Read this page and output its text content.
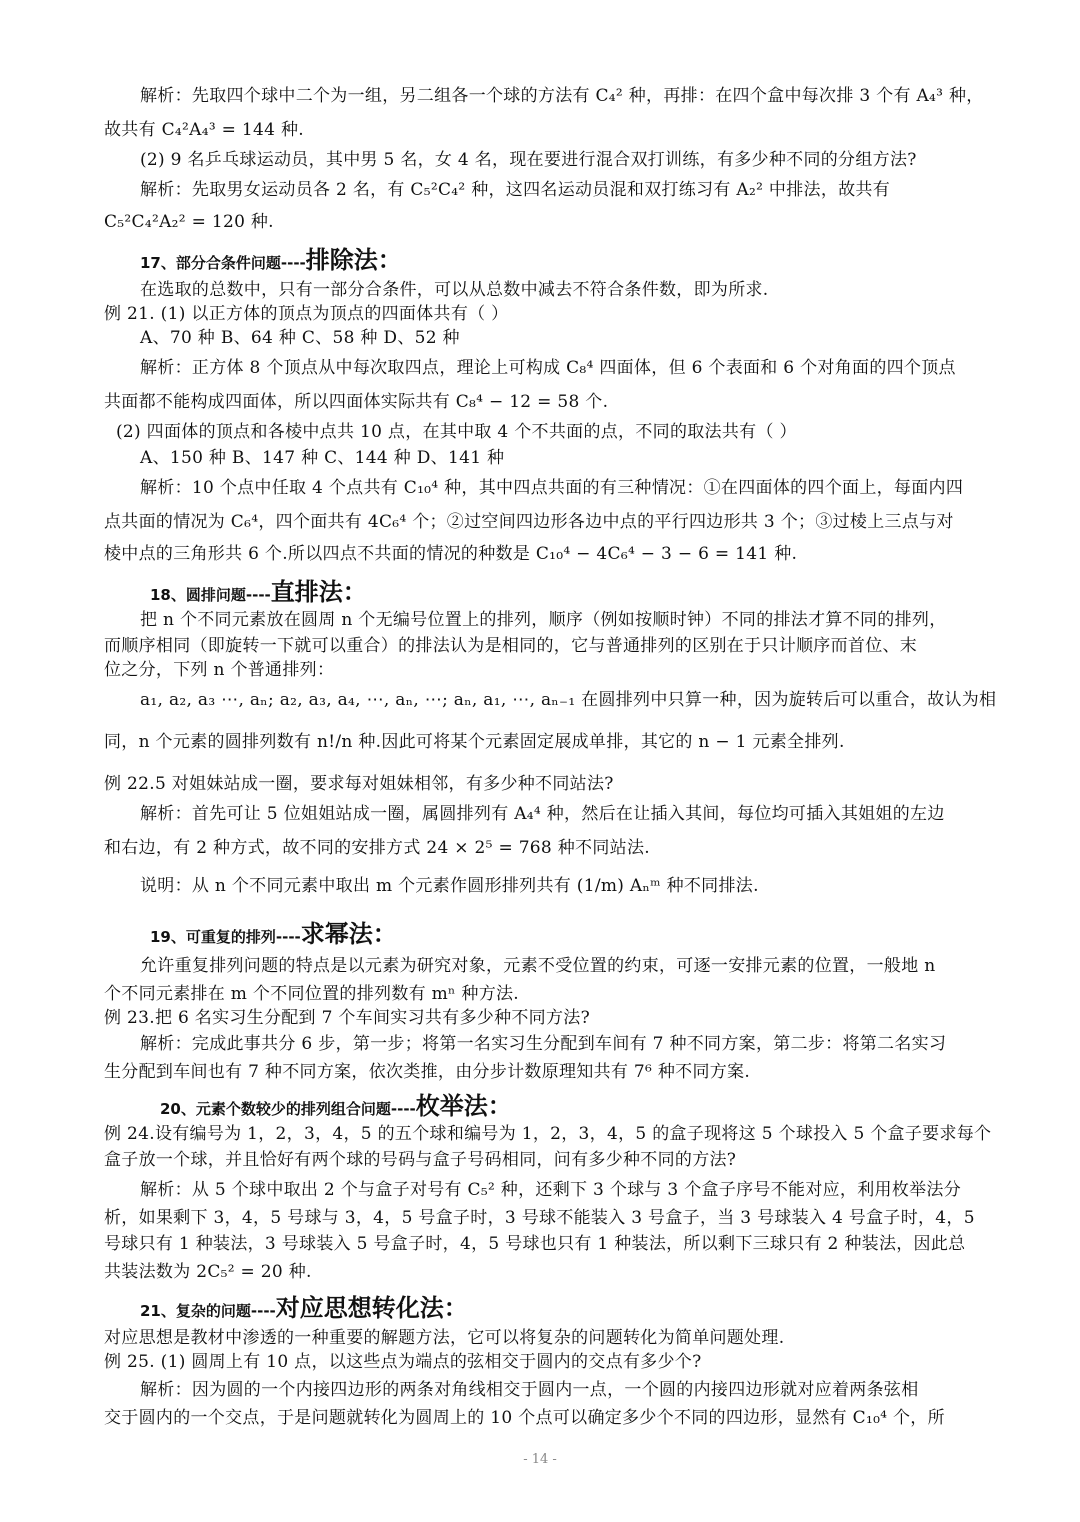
解析：先取四个球中二个为一组，另二组各一个球的方法有 C₄² 种，再排：在四个盒中每次排 3 个有 A₄³ 种，
故共有 C₄²A₄³ = 144 种.
(2) 9 名乒乓球运动员，其中男 5 名，女 4 名，现在要进行混合双打训练，有多少种不同的分组方法?
解析：先取男女运动员各 2 名，有 C₅²C₄² 种，这四名运动员混和双打练习有 A₂² 中排法，故共有
C₅²C₄²A₂² = 120 种.
17、部分合条件问题----排除法：
在选取的总数中，只有一部分合条件，可以从总数中减去不符合条件数，即为所求.
例 21. (1) 以正方体的顶点为顶点的四面体共有（ ）
A、70 种 B、64 种 C、58 种 D、52 种
解析：正方体 8 个顶点从中每次取四点，理论上可构成 C₈⁴ 四面体，但 6 个表面和 6 个对角面的四个顶点
共面都不能构成四面体，所以四面体实际共有 C₈⁴ − 12 = 58 个.
(2) 四面体的顶点和各棱中点共 10 点，在其中取 4 个不共面的点，不同的取法共有（ ）
A、150 种 B、147 种 C、144 种 D、141 种
解析：10 个点中任取 4 个点共有 C₁₀⁴ 种，其中四点共面的有三种情况：①在四面体的四个面上，每面内四
点共面的情况为 C₆⁴，四个面共有 4C₆⁴ 个；②过空间四边形各边中点的平行四边形共 3 个；③过棱上三点与对
棱中点的三角形共 6 个.所以四点不共面的情况的种数是 C₁₀⁴ − 4C₆⁴ − 3 − 6 = 141 种.
18、圆排问题----直排法：
把 n 个不同元素放在圆周 n 个无编号位置上的排列，顺序（例如按顺时钟）不同的排法才算不同的排列，
而顺序相同（即旋转一下就可以重合）的排法认为是相同的，它与普通排列的区别在于只计顺序而首位、末
位之分，下列 n 个普通排列：
a₁, a₂, a₃ ⋯, aₙ; a₂, a₃, a₄, ⋯, aₙ, ⋯; aₙ, a₁, ⋯, aₙ₋₁ 在圆排列中只算一种，因为旋转后可以重合，故认为相
同，n 个元素的圆排列数有 n!/n 种.因此可将某个元素固定展成单排，其它的 n − 1 元素全排列.
例 22.5 对姐妹站成一圈，要求每对姐妹相邻，有多少种不同站法?
解析：首先可让 5 位姐姐站成一圈，属圆排列有 A₄⁴ 种，然后在让插入其间，每位均可插入其姐姐的左边
和右边，有 2 种方式，故不同的安排方式 24 × 2⁵ = 768 种不同站法.
说明：从 n 个不同元素中取出 m 个元素作圆形排列共有 (1/m) Aₙᵐ 种不同排法.
19、可重复的排列----求幂法：
允许重复排列问题的特点是以元素为研究对象，元素不受位置的约束，可逐一安排元素的位置，一般地 n
个不同元素排在 m 个不同位置的排列数有 mⁿ 种方法.
例 23.把 6 名实习生分配到 7 个车间实习共有多少种不同方法?
解析：完成此事共分 6 步，第一步；将第一名实习生分配到车间有 7 种不同方案，第二步：将第二名实习
生分配到车间也有 7 种不同方案，依次类推，由分步计数原理知共有 7⁶ 种不同方案.
20、元素个数较少的排列组合问题----枚举法：
例 24.设有编号为 1，2，3，4，5 的五个球和编号为 1，2，3，4，5 的盒子现将这 5 个球投入 5 个盒子要求每个
盒子放一个球，并且恰好有两个球的号码与盒子号码相同，问有多少种不同的方法?
解析：从 5 个球中取出 2 个与盒子对号有 C₅² 种，还剩下 3 个球与 3 个盒子序号不能对应，利用枚举法分
析，如果剩下 3，4，5 号球与 3，4，5 号盒子时，3 号球不能装入 3 号盒子，当 3 号球装入 4 号盒子时，4，5
号球只有 1 种装法，3 号球装入 5 号盒子时，4，5 号球也只有 1 种装法，所以剩下三球只有 2 种装法，因此总
共装法数为 2C₅² = 20 种.
21、复杂的问题----对应思想转化法：
对应思想是教材中渗透的一种重要的解题方法，它可以将复杂的问题转化为简单问题处理.
例 25. (1) 圆周上有 10 点，以这些点为端点的弦相交于圆内的交点有多少个?
解析：因为圆的一个内接四边形的两条对角线相交于圆内一点，一个圆的内接四边形就对应着两条弦相
交于圆内的一个交点，于是问题就转化为圆周上的 10 个点可以确定多少个不同的四边形，显然有 C₁₀⁴ 个，所
- 14 -
